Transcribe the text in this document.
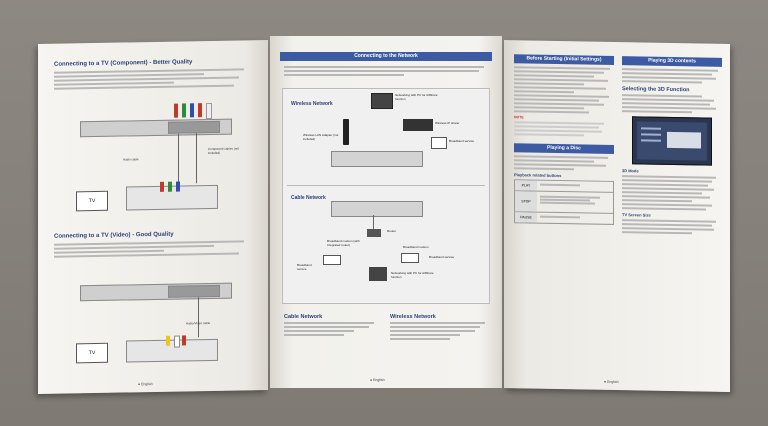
Connecting to a TV (Component) - Better Quality

Component cables (not included)
Audio cable
TV

Connecting to a TV (Video) - Good Quality

Audio/Video cable
TV
● English
Connecting to the Network
Wireless Network
Networking with PC for AllShare function
Wireless LAN Adapter (not included)
Wireless IP sharer
Broadband service
Cable Network
Router
Broadband modem (with integrated router)
Broadband service
Broadband modem
Broadband service
Networking with PC for AllShare function

Cable Network	Wireless Network

● English
Before Starting (Initial Settings)
NOTE
Playing a Disc
Playback related buttons
PLAY
STOP
PAUSE
Playing 3D contents

Selecting the 3D Function

3D Mode
TV Screen Size
● English
